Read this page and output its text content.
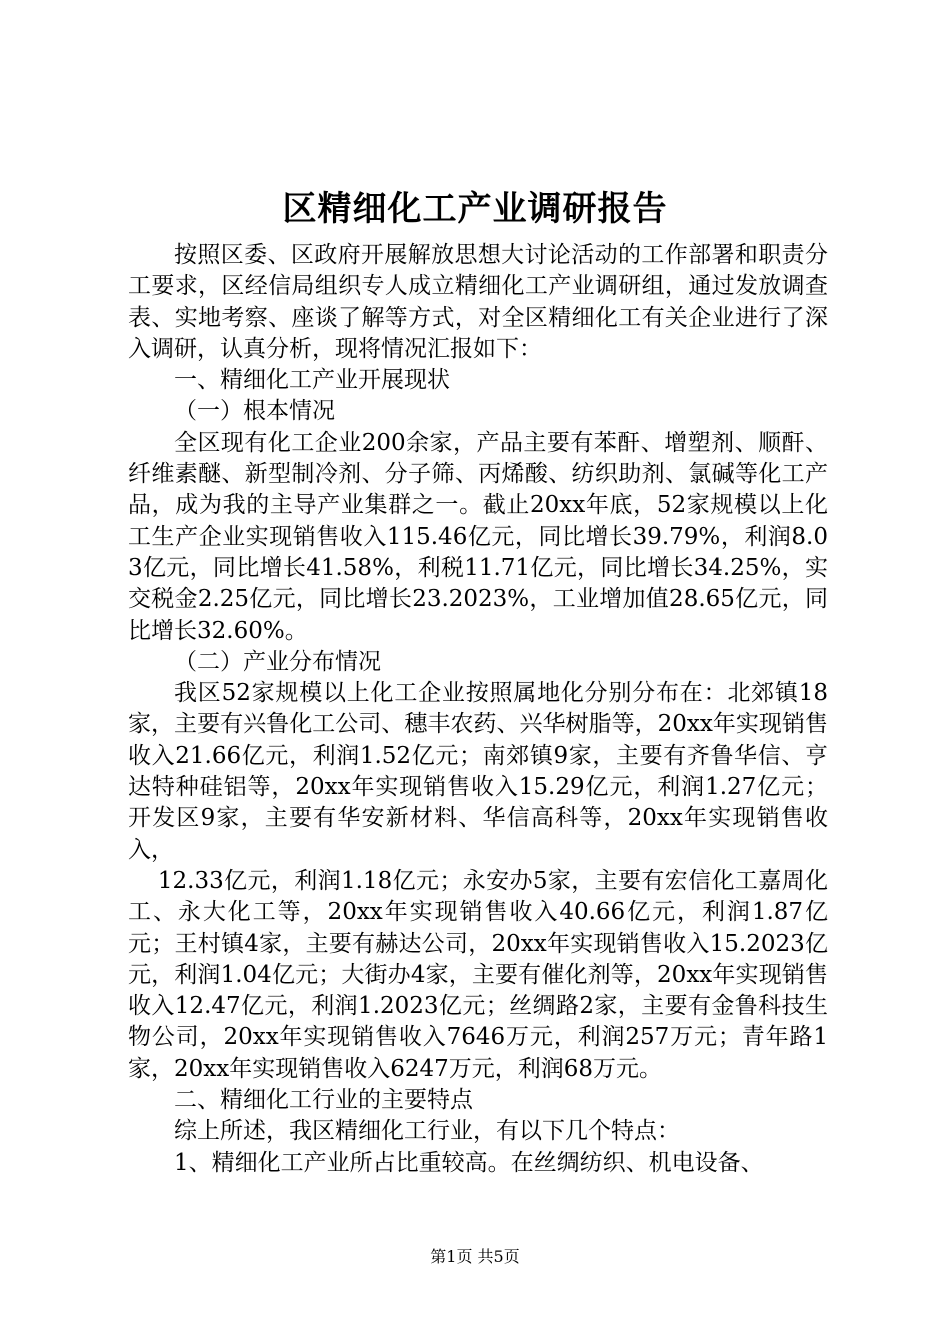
区精细化工产业调研报告

按照区委、区政府开展解放思想大讨论活动的工作部署和职责分工要求，区经信局组织专人成立精细化工产业调研组，通过发放调查表、实地考察、座谈了解等方式，对全区精细化工有关企业进行了深入调研，认真分析，现将情况汇报如下：

一、精细化工产业开展现状

（一）根本情况

全区现有化工企业200余家，产品主要有苯酐、增塑剂、顺酐、纤维素醚、新型制冷剂、分子筛、丙烯酸、纺织助剂、氯碱等化工产品，成为我的主导产业集群之一。截止20xx年底，52家规模以上化工生产企业实现销售收入115.46亿元，同比增长39.79%，利润8.03亿元，同比增长41.58%，利税11.71亿元，同比增长34.25%，实交税金2.25亿元，同比增长23.2023%，工业增加值28.65亿元，同比增长32.60%。

（二）产业分布情况

我区52家规模以上化工企业按照属地化分别分布在：北郊镇18家，主要有兴鲁化工公司、穗丰农药、兴华树脂等，20xx年实现销售收入21.66亿元，利润1.52亿元；南郊镇9家，主要有齐鲁华信、亨达特种硅铝等，20xx年实现销售收入15.29亿元，利润1.27亿元；开发区9家，主要有华安新材料、华信高科等，20xx年实现销售收入，

12.33亿元，利润1.18亿元；永安办5家，主要有宏信化工嘉周化工、永大化工等，20xx年实现销售收入40.66亿元，利润1.87亿元；王村镇4家，主要有赫达公司，20xx年实现销售收入15.2023亿元，利润1.04亿元；大街办4家，主要有催化剂等，20xx年实现销售收入12.47亿元，利润1.2023亿元；丝绸路2家，主要有金鲁科技生物公司，20xx年实现销售收入7646万元，利润257万元；青年路1家，20xx年实现销售收入6247万元，利润68万元。

二、精细化工行业的主要特点

综上所述，我区精细化工行业，有以下几个特点：

1、精细化工产业所占比重较高。在丝绸纺织、机电设备、

第1页 共5页
